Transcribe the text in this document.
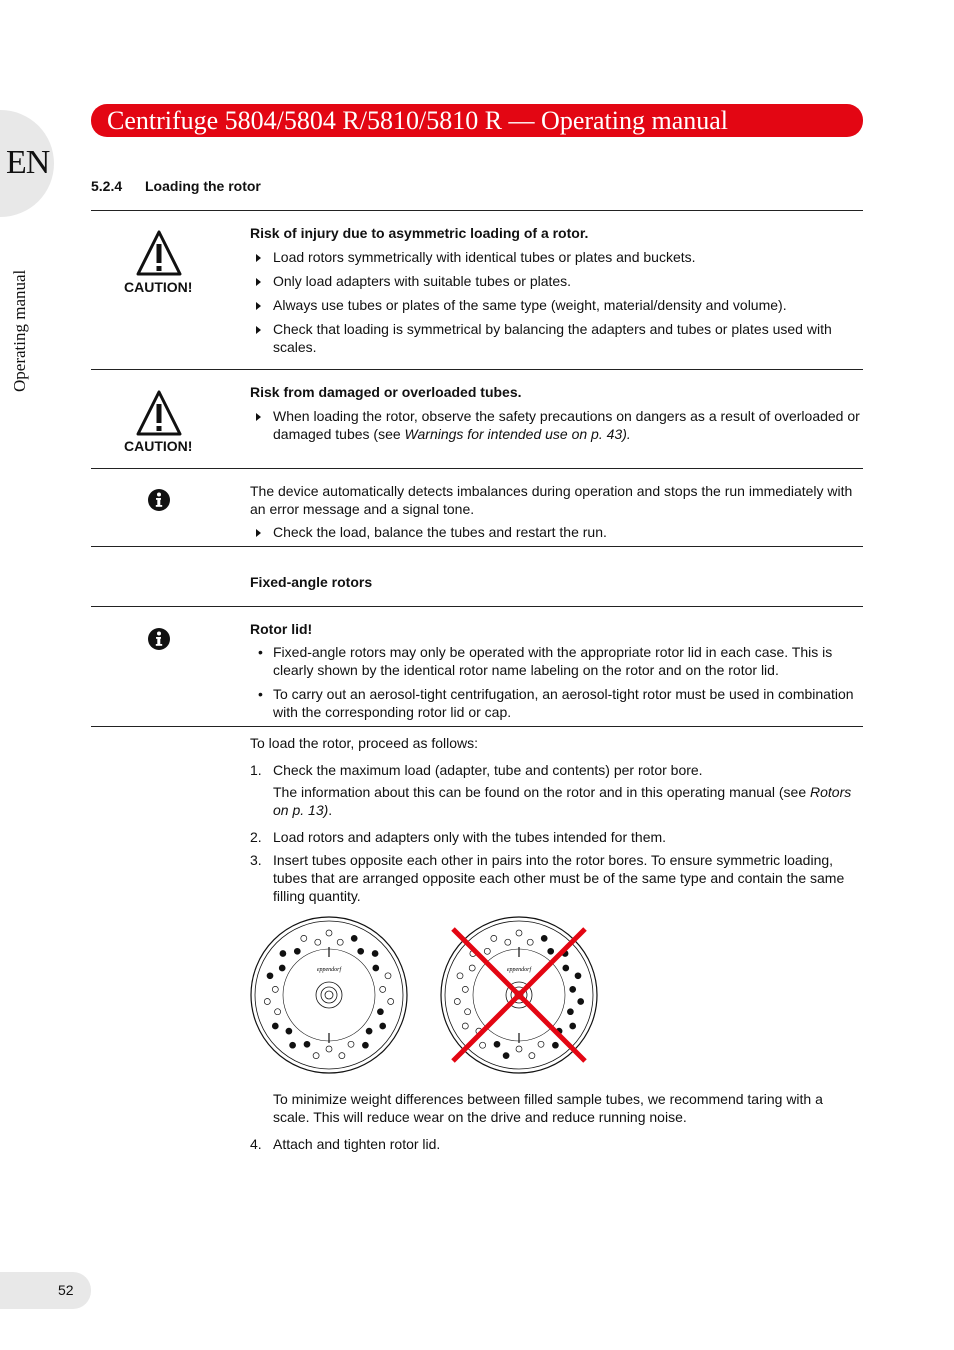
EN
Operating manual
Centrifuge 5804/5804 R/5810/5810 R — Operating manual
5.2.4 Loading the rotor
CAUTION!
Risk of injury due to asymmetric loading of a rotor.
Load rotors symmetrically with identical tubes or plates and buckets.
Only load adapters with suitable tubes or plates.
Always use tubes or plates of the same type (weight, material/density and volume).
Check that loading is symmetrical by balancing the adapters and tubes or plates used with scales.
CAUTION!
Risk from damaged or overloaded tubes.
When loading the rotor, observe the safety precautions on dangers as a result of overloaded or damaged tubes (see Warnings for intended use on p. 43).
The device automatically detects imbalances during operation and stops the run immediately with an error message and a signal tone.
Check the load, balance the tubes and restart the run.
Fixed-angle rotors
Rotor lid!
• Fixed-angle rotors may only be operated with the appropriate rotor lid in each case. This is clearly shown by the identical rotor name labeling on the rotor and on the rotor lid.
• To carry out an aerosol-tight centrifugation, an aerosol-tight rotor must be used in combination with the corresponding rotor lid or cap.
To load the rotor, proceed as follows:
1. Check the maximum load (adapter, tube and contents) per rotor bore.
The information about this can be found on the rotor and in this operating manual (see Rotors on p. 13).
2. Load rotors and adapters only with the tubes intended for them.
3. Insert tubes opposite each other in pairs into the rotor bores. To ensure symmetric loading, tubes that are arranged opposite each other must be of the same type and contain the same filling quantity.
eppendorf	eppendorf
To minimize weight differences between filled sample tubes, we recommend taring with a scale. This will reduce wear on the drive and reduce running noise.
4. Attach and tighten rotor lid.
52
